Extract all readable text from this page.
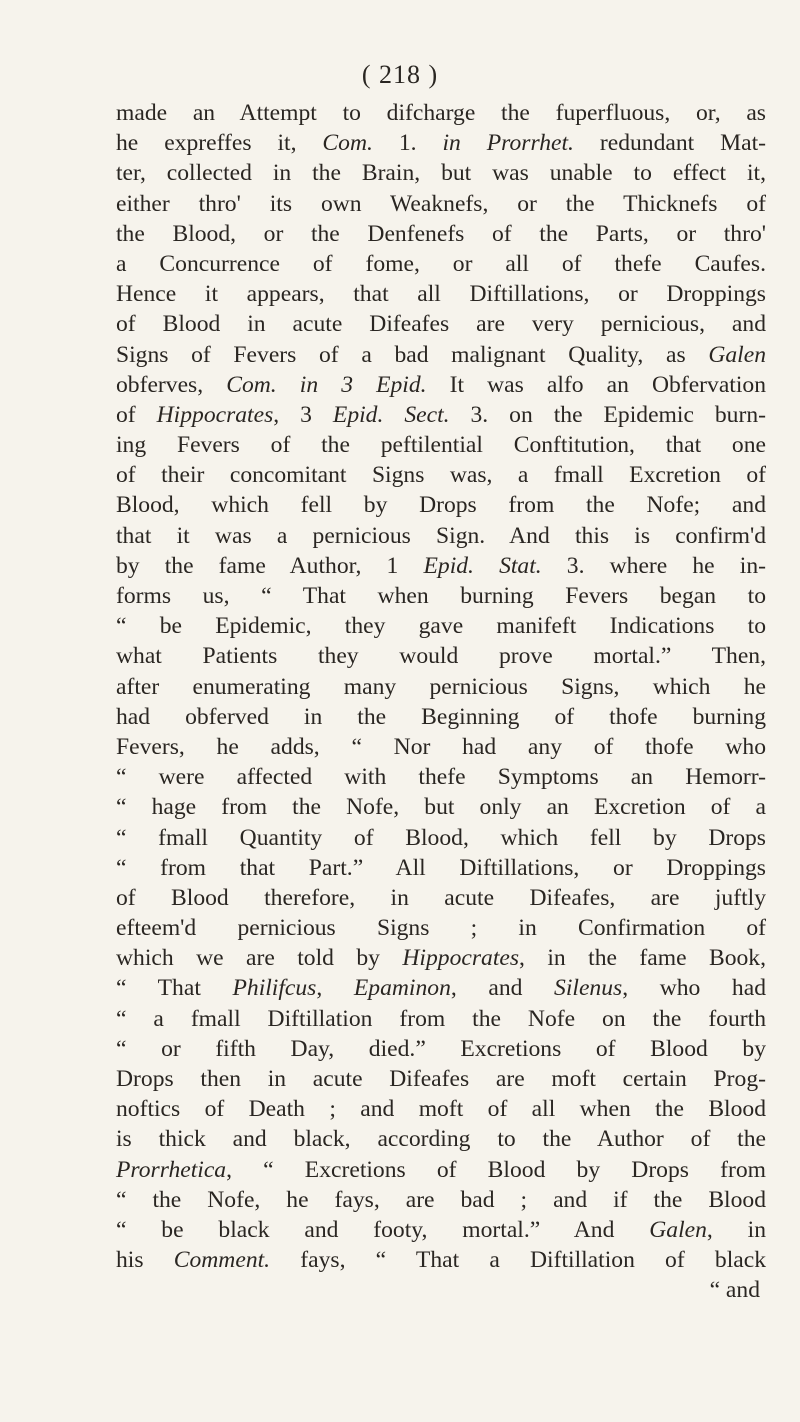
( 218 )
made an Attempt to difcharge the fuperfluous, or, as
he expreffes it, Com. 1. in Prorrhet. redundant Mat-
ter, collected in the Brain, but was unable to effect it,
either thro' its own Weaknefs, or the Thicknefs of
the Blood, or the Denfenefs of the Parts, or thro'
a Concurrence of fome, or all of thefe Caufes.
Hence it appears, that all Diftillations, or Droppings
of Blood in acute Difeafes are very pernicious, and
Signs of Fevers of a bad malignant Quality, as Galen
obferves, Com. in 3 Epid. It was alfo an Obfervation
of Hippocrates, 3 Epid. Sect. 3. on the Epidemic burn-
ing Fevers of the peftilential Conftitution, that one
of their concomitant Signs was, a fmall Excretion of
Blood, which fell by Drops from the Nofe; and
that it was a pernicious Sign. And this is confirm'd
by the fame Author, 1 Epid. Stat. 3. where he in-
forms us, “ That when burning Fevers began to
“ be Epidemic, they gave manifeft Indications to
what Patients they would prove mortal.” Then,
after enumerating many pernicious Signs, which he
had obferved in the Beginning of thofe burning
Fevers, he adds, “ Nor had any of thofe who
“ were affected with thefe Symptoms an Hemorr-
“ hage from the Nofe, but only an Excretion of a
“ fmall Quantity of Blood, which fell by Drops
“ from that Part.” All Diftillations, or Droppings
of Blood therefore, in acute Difeafes, are juftly
efteem'd pernicious Signs ; in Confirmation of
which we are told by Hippocrates, in the fame Book,
“ That Philifcus, Epaminon, and Silenus, who had
“ a fmall Diftillation from the Nofe on the fourth
“ or fifth Day, died.” Excretions of Blood by
Drops then in acute Difeafes are moft certain Prog-
noftics of Death ; and moft of all when the Blood
is thick and black, according to the Author of the
Prorrhetica, “ Excretions of Blood by Drops from
“ the Nofe, he fays, are bad ; and if the Blood
“ be black and footy, mortal.” And Galen, in
his Comment. fays, “ That a Diftillation of black
“ and
